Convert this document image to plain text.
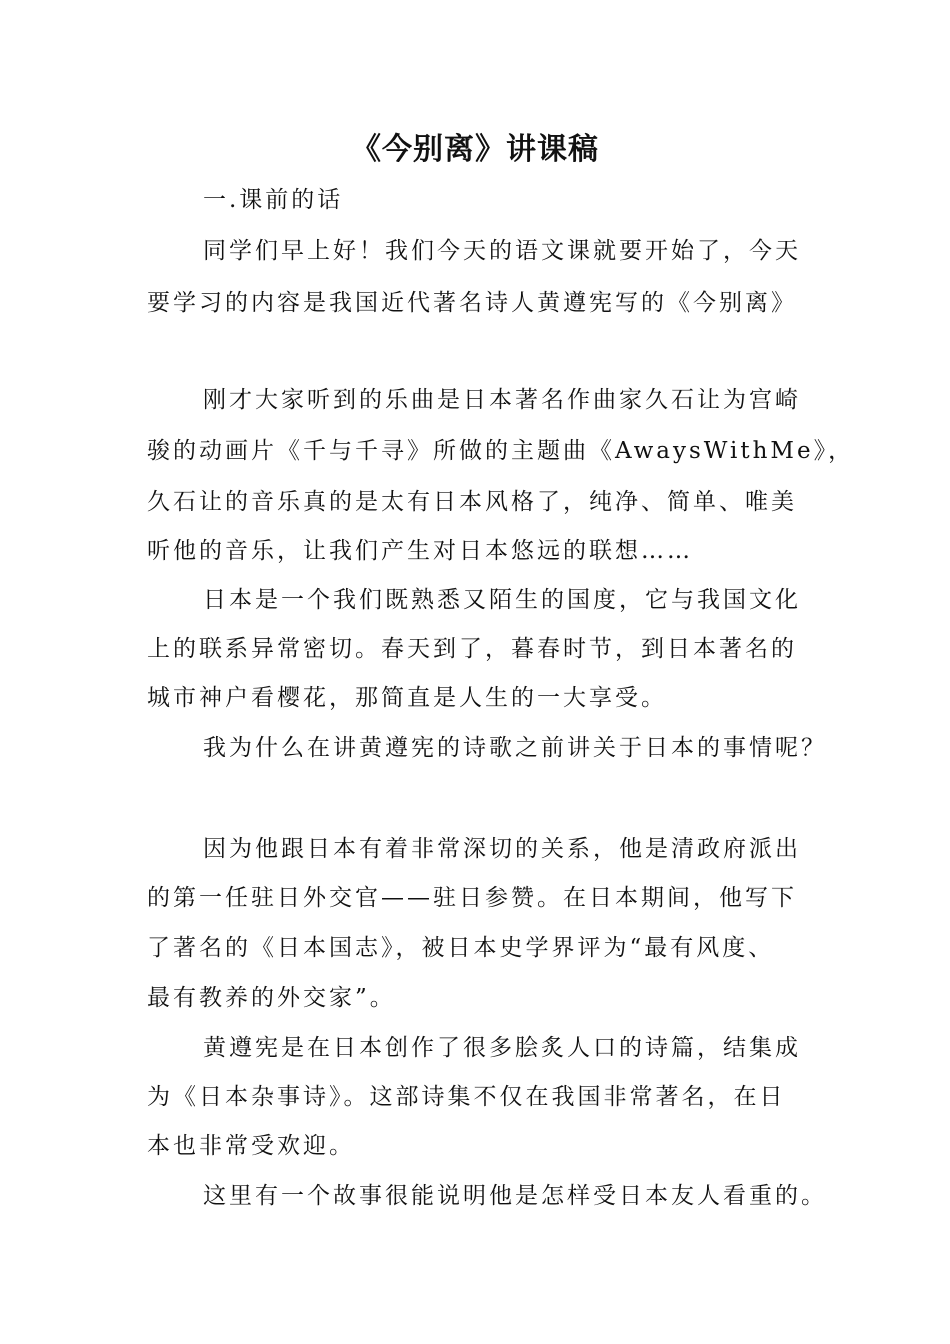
《今别离》讲课稿
一.课前的话
同学们早上好！我们今天的语文课就要开始了，今天
要学习的内容是我国近代著名诗人黄遵宪写的《今别离》
刚才大家听到的乐曲是日本著名作曲家久石让为宫崎
骏的动画片《千与千寻》所做的主题曲《AwaysWithMe》，
久石让的音乐真的是太有日本风格了，纯净、简单、唯美
听他的音乐，让我们产生对日本悠远的联想……
日本是一个我们既熟悉又陌生的国度，它与我国文化
上的联系异常密切。春天到了，暮春时节，到日本著名的
城市神户看樱花，那简直是人生的一大享受。
我为什么在讲黄遵宪的诗歌之前讲关于日本的事情呢？
因为他跟日本有着非常深切的关系，他是清政府派出
的第一任驻日外交官——驻日参赞。在日本期间，他写下
了著名的《日本国志》，被日本史学界评为“最有风度、
最有教养的外交家”。
黄遵宪是在日本创作了很多脍炙人口的诗篇，结集成
为《日本杂事诗》。这部诗集不仅在我国非常著名，在日
本也非常受欢迎。
这里有一个故事很能说明他是怎样受日本友人看重的。
